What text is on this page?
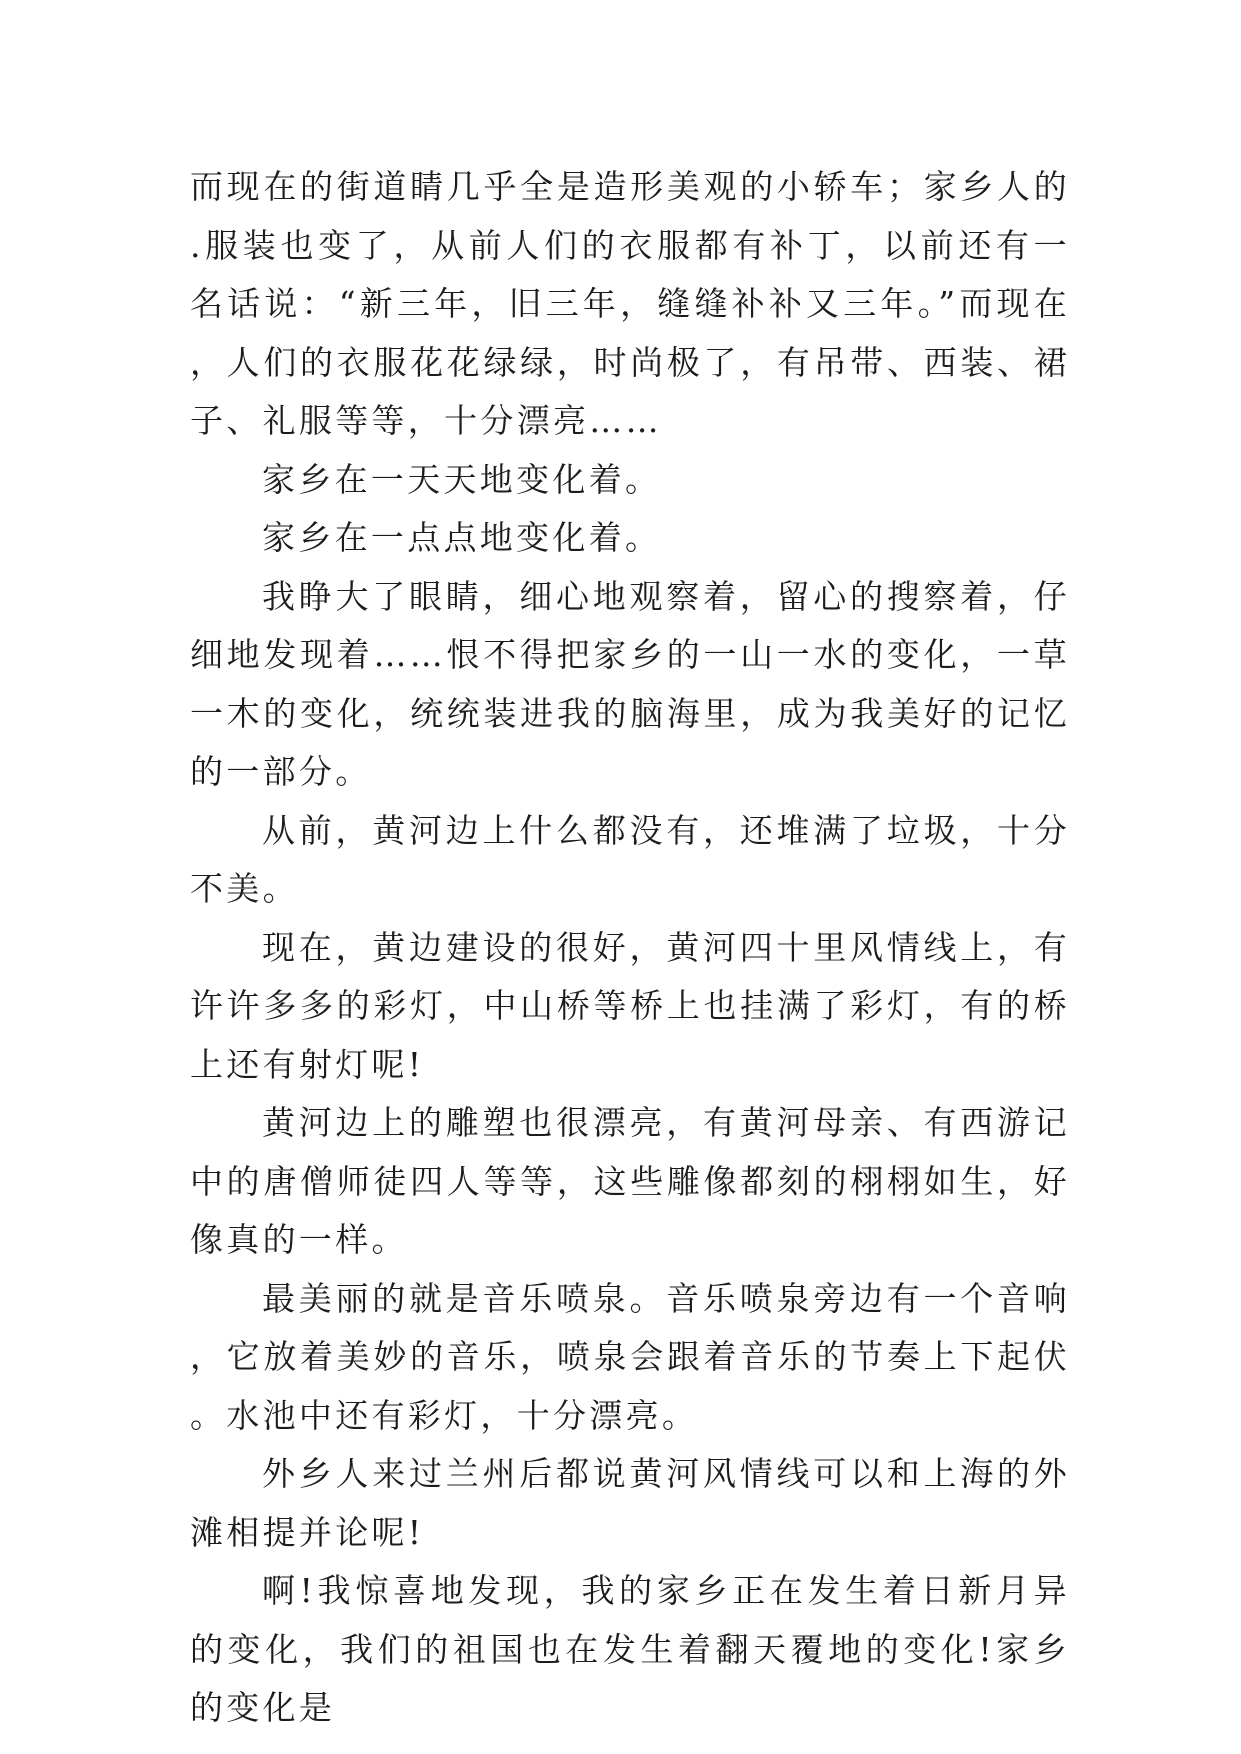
而现在的街道睛几乎全是造形美观的小轿车；家乡人的.服装也变了，从前人们的衣服都有补丁，以前还有一名话说：“新三年，旧三年，缝缝补补又三年。”而现在，人们的衣服花花绿绿，时尚极了，有吊带、西装、裙子、礼服等等，十分漂亮……

家乡在一天天地变化着。

家乡在一点点地变化着。

我睁大了眼睛，细心地观察着，留心的搜察着，仔细地发现着……恨不得把家乡的一山一水的变化，一草一木的变化，统统装进我的脑海里，成为我美好的记忆的一部分。

从前，黄河边上什么都没有，还堆满了垃圾，十分不美。

现在，黄边建设的很好，黄河四十里风情线上，有许许多多的彩灯，中山桥等桥上也挂满了彩灯，有的桥上还有射灯呢!

黄河边上的雕塑也很漂亮，有黄河母亲、有西游记中的唐僧师徒四人等等，这些雕像都刻的栩栩如生，好像真的一样。

最美丽的就是音乐喷泉。音乐喷泉旁边有一个音响，它放着美妙的音乐，喷泉会跟着音乐的节奏上下起伏。水池中还有彩灯，十分漂亮。

外乡人来过兰州后都说黄河风情线可以和上海的外滩相提并论呢!

啊!我惊喜地发现，我的家乡正在发生着日新月异的变化，我们的祖国也在发生着翻天覆地的变化!家乡的变化是
